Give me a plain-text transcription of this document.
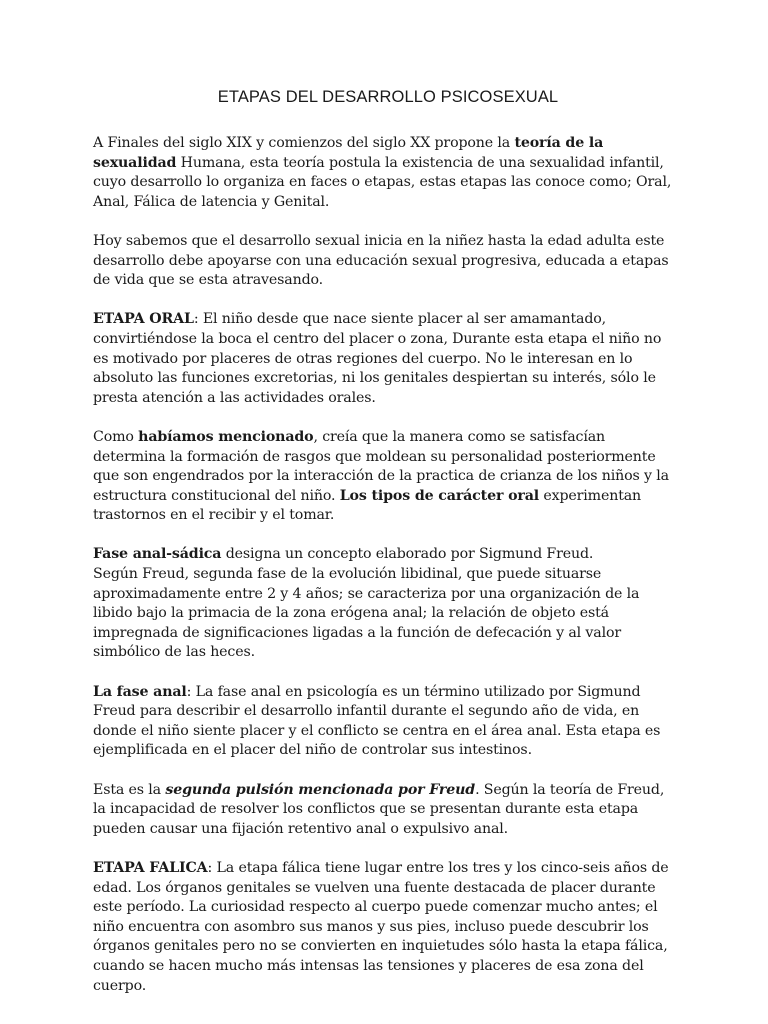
ETAPAS DEL DESARROLLO PSICOSEXUAL

A Finales del siglo XIX y comienzos del siglo XX propone la teoría de la sexualidad Humana, esta teoría postula la existencia de una sexualidad infantil, cuyo desarrollo lo organiza en faces o etapas, estas etapas las conoce como; Oral, Anal, Fálica de latencia y Genital.

Hoy sabemos que el desarrollo sexual inicia en la niñez hasta la edad adulta este desarrollo debe apoyarse con una educación sexual progresiva, educada a etapas de vida que se esta atravesando.

ETAPA ORAL: El niño desde que nace siente placer al ser amamantado, convirtiéndose la boca el centro del placer o zona, Durante esta etapa el niño no es motivado por placeres de otras regiones del cuerpo. No le interesan en lo absoluto las funciones excretorias, ni los genitales despiertan su interés, sólo le presta atención a las actividades orales.

Como habíamos mencionado, creía que la manera como se satisfacían determina la formación de rasgos que moldean su personalidad posteriormente que son engendrados por la interacción de la practica de crianza de los niños y la estructura constitucional del niño. Los tipos de carácter oral experimentan trastornos en el recibir y el tomar.

Fase anal-sádica designa un concepto elaborado por Sigmund Freud.
Según Freud, segunda fase de la evolución libidinal, que puede situarse aproximadamente entre 2 y 4 años; se caracteriza por una organización de la libido bajo la primacia de la zona erógena anal; la relación de objeto está impregnada de significaciones ligadas a la función de defecación y al valor simbólico de las heces.

La fase anal: La fase anal en psicología es un término utilizado por Sigmund Freud para describir el desarrollo infantil durante el segundo año de vida, en donde el niño siente placer y el conflicto se centra en el área anal. Esta etapa es ejemplificada en el placer del niño de controlar sus intestinos.

Esta es la segunda pulsión mencionada por Freud. Según la teoría de Freud, la incapacidad de resolver los conflictos que se presentan durante esta etapa pueden causar una fijación retentivo anal o expulsivo anal.

ETAPA FALICA: La etapa fálica tiene lugar entre los tres y los cinco-seis años de edad. Los órganos genitales se vuelven una fuente destacada de placer durante este período. La curiosidad respecto al cuerpo puede comenzar mucho antes; el niño encuentra con asombro sus manos y sus pies, incluso puede descubrir los órganos genitales pero no se convierten en inquietudes sólo hasta la etapa fálica, cuando se hacen mucho más intensas las tensiones y placeres de esa zona del cuerpo.
